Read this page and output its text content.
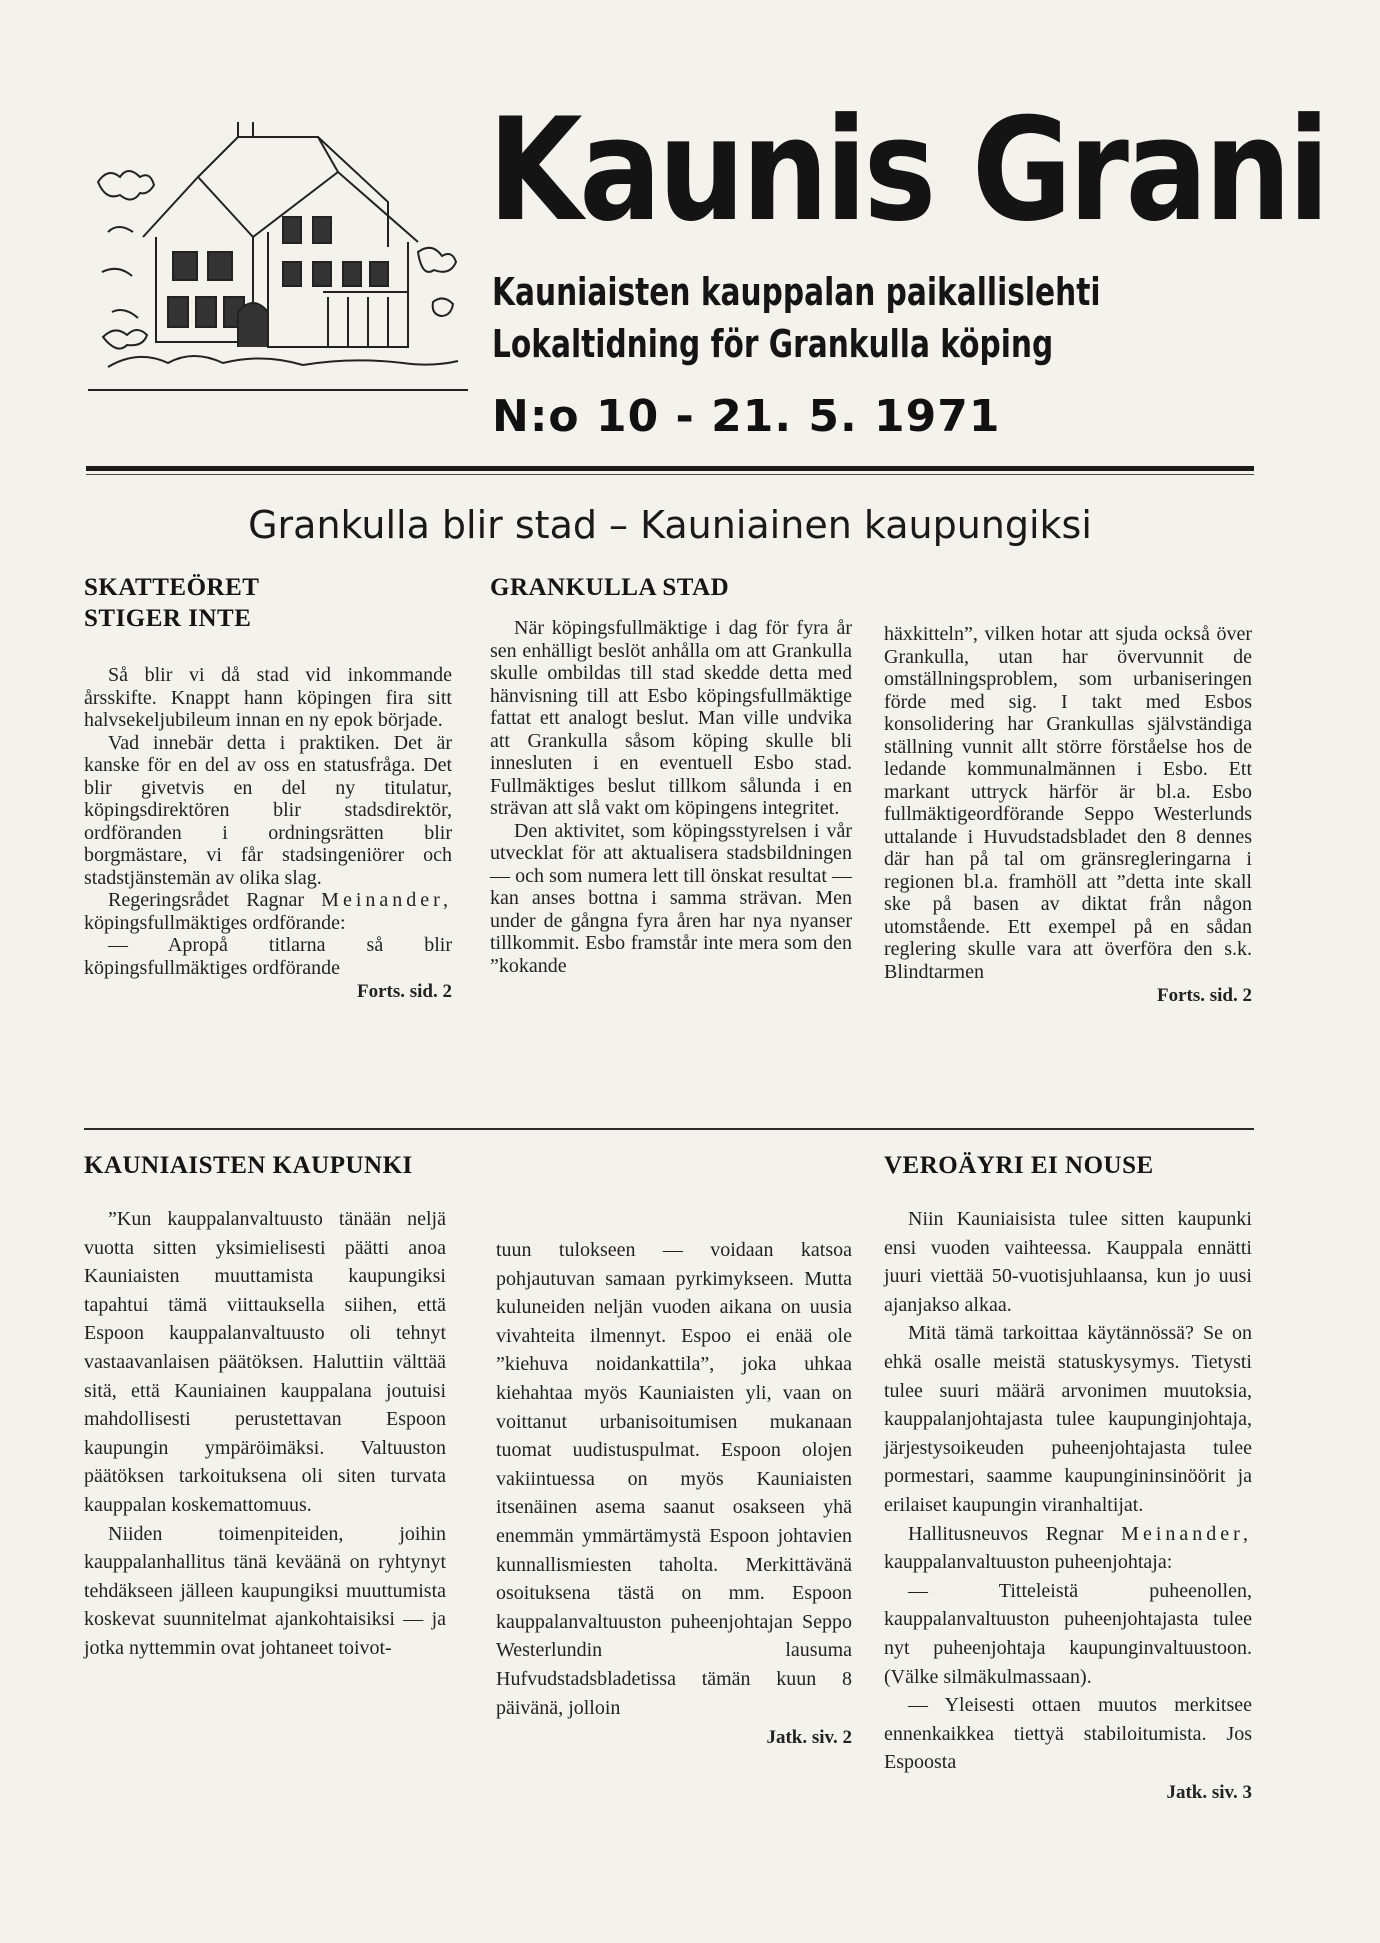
Kaunis Grani
Kauniaisten kauppalan paikallislehti
Lokaltidning för Grankulla köping
N:o 10 - 21. 5. 1971
Grankulla blir stad – Kauniainen kaupungiksi
SKATTEÖRET
STIGER INTE

Så blir vi då stad vid inkommande årsskifte. Knappt hann köpingen fira sitt halvsekeljubileum innan en ny epok började.

Vad innebär detta i praktiken. Det är kanske för en del av oss en statusfråga. Det blir givetvis en del ny titulatur, köpingsdirektören blir stadsdirektör, ordföranden i ordningsrätten blir borgmästare, vi får stadsingeniörer och stadstjänstemän av olika slag.

Regeringsrådet Ragnar Meinander, köpingsfullmäktiges ordförande:

— Apropå titlarna så blir köpingsfullmäktiges ordförande

Forts. sid. 2
GRANKULLA STAD

När köpingsfullmäktige i dag för fyra år sen enhälligt beslöt anhålla om att Grankulla skulle ombildas till stad skedde detta med hänvisning till att Esbo köpingsfullmäktige fattat ett analogt beslut. Man ville undvika att Grankulla såsom köping skulle bli innesluten i en eventuell Esbo stad. Fullmäktiges beslut tillkom sålunda i en strävan att slå vakt om köpingens integritet.

Den aktivitet, som köpingsstyrelsen i vår utvecklat för att aktualisera stadsbildningen — och som numera lett till önskat resultat — kan anses bottna i samma strävan. Men under de gångna fyra åren har nya nyanser tillkommit. Esbo framstår inte mera som den ”kokande

häxkitteln”, vilken hotar att sjuda också över Grankulla, utan har övervunnit de omställningsproblem, som urbaniseringen förde med sig. I takt med Esbos konsolidering har Grankullas självständiga ställning vunnit allt större förståelse hos de ledande kommunalmännen i Esbo. Ett markant uttryck härför är bl.a. Esbo fullmäktigeordförande Seppo Westerlunds uttalande i Huvudstadsbladet den 8 dennes där han på tal om gränsregleringarna i regionen bl.a. framhöll att ”detta inte skall ske på basen av diktat från någon utomstående. Ett exempel på en sådan reglering skulle vara att överföra den s.k. Blindtarmen

Forts. sid. 2
KAUNIAISTEN KAUPUNKI

”Kun kauppalanvaltuusto tänään neljä vuotta sitten yksimielisesti päätti anoa Kauniaisten muuttamista kaupungiksi tapahtui tämä viittauksella siihen, että Espoon kauppalanvaltuusto oli tehnyt vastaavanlaisen päätöksen. Haluttiin välttää sitä, että Kauniainen kauppalana joutuisi mahdollisesti perustettavan Espoon kaupungin ympäröimäksi. Valtuuston päätöksen tarkoituksena oli siten turvata kauppalan koskemattomuus.

Niiden toimenpiteiden, joihin kauppalanhallitus tänä keväänä on ryhtynyt tehdäkseen jälleen kaupungiksi muuttumista koskevat suunnitelmat ajankohtaisiksi — ja jotka nyttemmin ovat johtaneet toivot-

tuun tulokseen — voidaan katsoa pohjautuvan samaan pyrkimykseen. Mutta kuluneiden neljän vuoden aikana on uusia vivahteita ilmennyt. Espoo ei enää ole ”kiehuva noidankattila”, joka uhkaa kiehahtaa myös Kauniaisten yli, vaan on voittanut urbanisoitumisen mukanaan tuomat uudistuspulmat. Espoon olojen vakiintuessa on myös Kauniaisten itsenäinen asema saanut osakseen yhä enemmän ymmärtämystä Espoon johtavien kunnallismiesten taholta. Merkittävänä osoituksena tästä on mm. Espoon kauppalanvaltuuston puheenjohtajan Seppo Westerlundin lausuma Hufvudstadsbladetissa tämän kuun 8 päivänä, jolloin

Jatk. siv. 2
VEROÄYRI EI NOUSE

Niin Kauniaisista tulee sitten kaupunki ensi vuoden vaihteessa. Kauppala ennätti juuri viettää 50-vuotisjuhlaansa, kun jo uusi ajanjakso alkaa.

Mitä tämä tarkoittaa käytännössä? Se on ehkä osalle meistä statuskysymys. Tietysti tulee suuri määrä arvonimen muutoksia, kauppalanjohtajasta tulee kaupunginjohtaja, järjestysoikeuden puheenjohtajasta tulee pormestari, saamme kaupungininsinöörit ja erilaiset kaupungin viranhaltijat.

Hallitusneuvos Regnar Meinander, kauppalanvaltuuston puheenjohtaja:

— Titteleistä puheenollen, kauppalanvaltuuston puheenjohtajasta tulee nyt puheenjohtaja kaupunginvaltuustoon. (Välke silmäkulmassaan).

— Yleisesti ottaen muutos merkitsee ennenkaikkea tiettyä stabiloitumista. Jos Espoosta

Jatk. siv. 3
